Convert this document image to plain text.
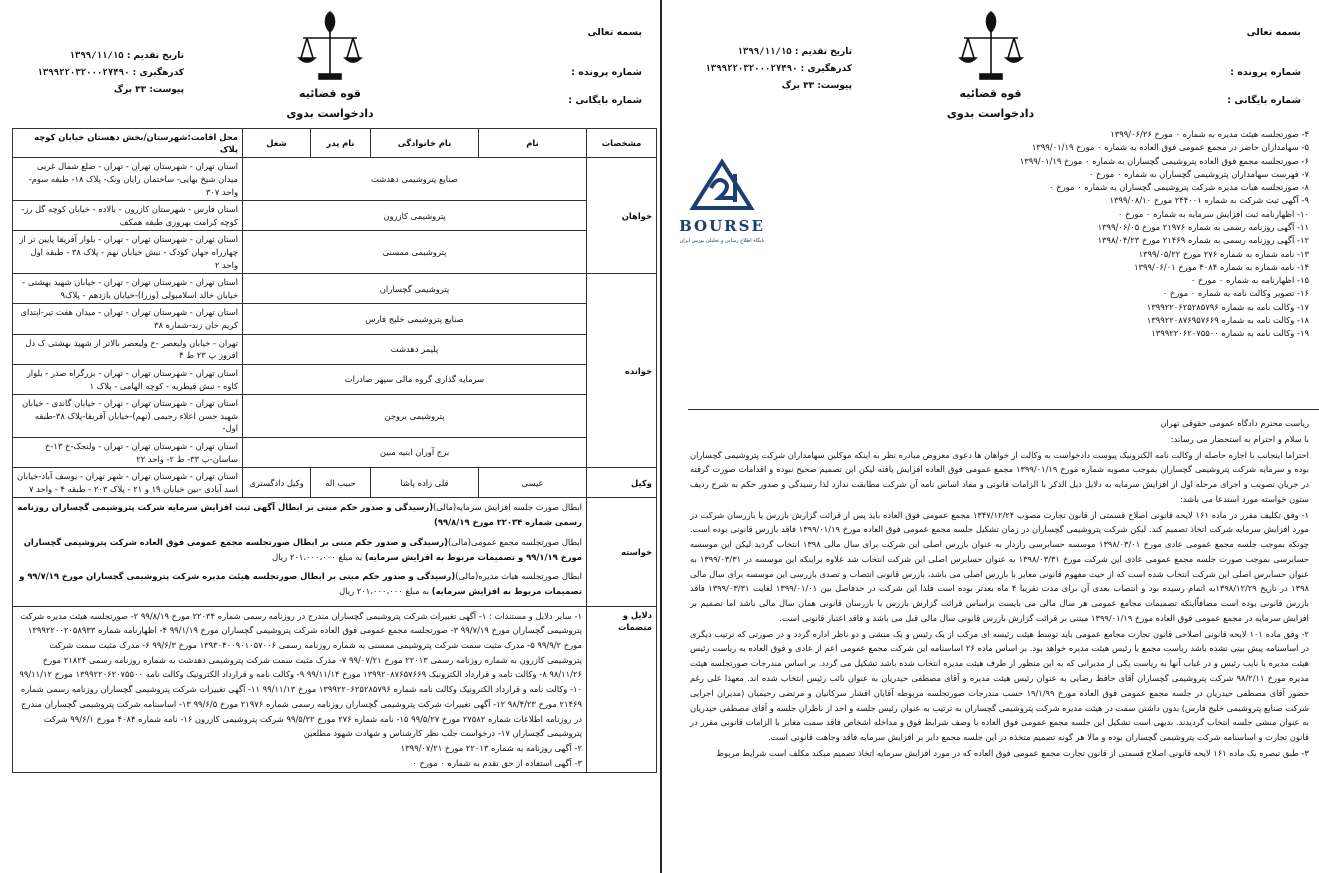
بسمه تعالی
شماره پرونده :
شماره بایگانی :
قوه قضائیه
دادخواست بدوی
تاریخ تقدیم : ۱۳۹۹/۱۱/۱۵
کدرهگیری : ۱۳۹۹۲۲۰۳۲۰۰۰۲۷۴۹۰
پیوست: ۳۳ برگ
مشخصات	نام	نام خانوادگی	نام پدر	شغل	محل اقامت:شهرستان/بخش دهستان خیابان کوچه پلاک
خواهان	صنایع پتروشیمی دهدشت				استان تهران - شهرستان تهران - تهران - ضلع شمال غربی میدان شیخ بهایی- ساختمان رایان ونک- پلاک ۱۸- طبقه سوم- واحد ۳۰۷
	پتروشیمی کازرون				استان فارس - شهرستان کازرون - بالاده - خیابان کوچه گل رز-کوچه کرامت بهروزی طبقه همکف
	پتروشیمی ممسنی				استان تهران - شهرستان تهران - تهران - بلوار آفریقا پایین تر از چهارراه جهان کودک - نبش خیابان نهم - پلاک ۳۸ - طبقه اول واحد ۲
خوانده	پتروشیمی گچساران				استان تهران - شهرستان تهران - تهران - خیابان شهید بهشتی - خیابان خالد اسلامبولی (وزرا)-خیابان یازدهم - پلاک۹
	صنایع پتروشیمی خلیج فارس				استان تهران - شهرستان تهران - تهران - میدان هفت تیر-ابتدای کریم خان زند-شماره ۳۸
	پلیمر دهدشت				تهران - خیابان ولیعصر -خ ولیعصر بالاتر از شهید بهشتی ک دل افروز پ ۲۳ ط ۴
	سرمایه گذاری گروه مالی سپهر صادرات				استان تهران - شهرستان تهران - تهران - بزرگراه صدر - بلوار کاوه - نبش قیطریه - کوچه الهامی - پلاک ۱
	پتروشیمی بروجن				استان تهران - شهرستان تهران - تهران - خیابان گاندی - خیابان شهید حسن اعلاء رحیمی (نهم)-خیابان آفریقا-پلاک ۳۸-طبقه اول-
	برج آوران ابنیه مبین				استان تهران - شهرستان تهران - تهران - ولنجک-خ ۱۳-خ ساسان-پ ۳۳- ط ۲- واحد ۲۲
وکیل	عیسی	قلی زاده پاشا	حبیب اله	وکیل دادگستری	استان تهران - شهرستان تهران - شهر تهران - یوسف آباد-خیابان اسد آبادی -بین خیابان ۱۹ و ۲۱ - پلاک ۲۰۳ - طبقه ۴ - واحد ۷
خواسته	ابطال صورت جلسه افزایش سرمایه(مالی)(رسیدگی و صدور حکم مبنی بر ابطال آگهی ثبت افزایش سرمایه شرکت پتروشیمی گچساران روزنامه رسمی شماره ۲۲۰۳۴ مورخ ۹۹/۸/۱۹)

ابطال صورتجلسه مجمع عمومی(مالی)(رسیدگی و صدور حکم مبنی بر ابطال صورتجلسه مجمع عمومی فوق العاده شرکت پتروشیمی گچساران مورخ ۹۹/۱/۱۹ و تصمیمات مربوط به افزایش سرمایه) به مبلغ ۲۰۱،۰۰۰،۰۰۰ ریال

ابطال صورتجلسه هیات مدیره(مالی)(رسیدگی و صدور حکم مبنی بر ابطال صورتجلسه هیئت مدیره شرکت پتروشیمی گچساران مورخ ۹۹/۷/۱۹ و تصمیمات مربوط به افزایش سرمایه) به مبلغ ۲۰۱،۰۰۰،۰۰۰ ریال				

دلایل و منضمات	۱- سایر دلایل و مستندات : ۱- آگهی تغییرات شرکت پتروشیمی گچساران مندرج در روزنامه رسمی شماره ۲۲۰۳۴ مورخ ۹۹/۸/۱۹ ۲- صورتجلسه هیئت مدیره شرکت پتروشیمی گچساران مورخ ۹۹/۷/۱۹ ۳- صورتجلسه مجمع عمومی فوق العاده شرکت پتروشیمی گچساران مورخ ۹۹/۱/۱۹ ۴- اظهارنامه شماره ۱۳۹۹۲۲۰۰۲۰۵۸۹۳۳ مورخ ۹۹/۹/۲ ۵- مدرک مثبت سمت شرکت پتروشیمی ممسنی به شماره روزنامه رسمی ۱۳۹۳۰۴۰۰۹۰۱۰۵۷۰۰۶ مورخ ۹۹/۶/۳ ۶- مدرک مثبت سمت شرکت پتروشیمی کازرون به شماره روزنامه رسمی ۲۲۰۱۳ مورخ ۹۹/۰۷/۲۱ ۷- مدرک مثبت سمت شرکت پتروشیمی دهدشت به شماره روزنامه رسمی ۲۱۸۲۴ مورخ ۹۸/۱۱/۲۶ ۸- وکالت نامه و قرارداد الکترونیک ۱۳۹۹۲۰۸۷۶۵۷۶۶۹ مورخ ۹۹/۱۱/۱۴ ۹- وکالت نامه و قرارداد الکترونیک وکالت نامه ۱۳۹۹۲۲۰۶۲۰۷۵۵۰۰ مورخ ۹۹/۱۱/۱۲ ۱۰- وکالت نامه و قرارداد الکترونیک وکالت نامه شماره ۱۳۹۹۲۲۰۶۲۵۲۸۵۷۹۶ مورخ ۹۹/۱۱/۱۳ ۱۱- آگهی تغییرات شرکت پتروشیمی گچساران روزنامه رسمی شماره ۲۱۴۶۹ مورخ ۹۸/۴/۲۳ ۱۲- آگهی تغییرات شرکت پتروشیمی گچساران روزنامه رسمی شماره ۲۱۹۷۶ مورخ ۹۹/۶/۵ ۱۳- اساسنامه شرکت پتروشیمی گچساران مندرج در روزنامه اطلاعات شماره ۲۷۵۸۲ مورخ ۹۹/۵/۲۷ ۱۵- نامه شماره ۲۷۶ مورخ ۹۹/۵/۲۲ شرکت پتروشیمی کازرون ۱۶- نامه شماره ۴۰۸۴ مورخ ۹۹/۶/۱ شرکت پتروشیمی گچساران ۱۷- درخواست جلب نظر کارشناس و شهادت شهود مطلعین
۲- آگهی روزنامه به شماره ۲۲۰۱۳ مورخ ۱۳۹۹/۰۷/۲۱
۳- آگهی استفاده از حق تقدم به شماره ۰ مورخ ۰				
بسمه تعالی
شماره پرونده :
شماره بایگانی :
قوه قضائیه
دادخواست بدوی
تاریخ تقدیم : ۱۳۹۹/۱۱/۱۵
کدرهگیری : ۱۳۹۹۲۲۰۳۲۰۰۰۲۷۴۹۰
پیوست: ۳۳ برگ
۴- صورتجلسه هیئت مدیره به شماره ۰ مورخ ۱۳۹۹/۰۶/۲۶
۵- سهامداران حاضر در مجمع عمومی فوق العاده به شماره ۰ مورخ ۱۳۹۹/۰۱/۱۹
۶- صورتجلسه مجمع فوق العاده پتروشیمی گچساران به شماره ۰ مورخ ۱۳۹۹/۰۱/۱۹
۷- فهرست سهامداران پتروشیمی گچساران به شماره ۰ مورخ ۰
۸- صورتجلسه هیات مدیره شرکت پتروشیمی گچساران به شماره ۰ مورخ ۰
۹- آگهی ثبت شرکت به شماره ۲۴۴۰۰۱ مورخ ۱۳۹۹/۰۸/۱۰
۱۰- اظهارنامه ثبت افزایش سرمایه به شماره ۰ مورخ ۰
۱۱- آگهی روزنامه رسمی به شماره ۲۱۹۷۶ مورخ ۱۳۹۹/۰۶/۰۵
۱۲- آگهی روزنامه رسمی به شماره ۲۱۴۶۹ مورخ ۱۳۹۸/۰۴/۲۳
۱۳- نامه شماره به شماره ۲۷۶ مورخ ۱۳۹۹/۰۵/۲۲
۱۴- نامه شماره به شماره ۴۰۸۴ مورخ ۱۳۹۹/۰۶/۰۱
۱۵- اظهارنامه به شماره ۰ مورخ ۰
۱۶- تصویر وکالت نامه به شماره ۰ مورخ ۰
۱۷- وکالت نامه به شماره ۱۳۹۹۲۲۰۶۲۵۲۸۵۷۹۶
۱۸- وکالت نامه به شماره ۱۳۹۹۲۲۰۸۷۶۹۵۷۶۶۹
۱۹- وکالت نامه به شماره ۱۳۹۹۲۲۰۶۲۰۷۵۵۰۰
BOURSE
پایگاه اطلاع رسانی و تحلیلی بورس ایران

ریاست محترم دادگاه عمومی حقوقی تهران

با سلام و احترام به استحضار می رساند:

احتراما اینجانب با اجازه حاصله از وکالت نامه الکترونیک پیوست دادخواست به وکالت از خواهان ها دعوی معروض مبادره نظر به اینکه موکلین سهامداران شرکت پتروشیمی گچساران بوده و سرمایه شرکت پتروشیمی گچساران بموجب مصوبه شماره مورخ ۱۳۹۹/۰۱/۱۹ مجمع عمومی فوق العاده افزایش یافته لیکن این تصمیم صحیح نبوده و اقدامات صورت گرفته در جریان تصویب و اجرای مرحله اول از افزایش سرمایه به دلایل ذیل الذکر با الزامات قانونی و مفاد اساس نامه آن شرکت مطابقت ندارد لذا رسیدگی و صدور حکم به شرح ردیف ستون خواسته مورد استدعا می باشد:

۱- وفق تکلیف مقرر در ماده ۱۶۱ لایحه قانونی اصلاح قسمتی از قانون تجارت مصوب ۱۳۴۷/۱۲/۲۴ مجمع عمومی فوق العاده باید پس از قرائت گزارش بازرس یا بازرسان شرکت در مورد افزایش سرمایه شرکت اتخاذ تصمیم کند. لیکن شرکت پتروشیمی گچساران در زمان تشکیل جلسه مجمع عمومی فوق العاده مورخ ۱۳۹۹/۰۱/۱۹ فاقد بازرس قانونی بوده است. چونکه بموجب جلسه مجمع عمومی عادی مورخ ۱۳۹۸/۰۳/۰۱ موسسه حسابرسی رازدار به عنوان بازرس اصلی این شرکت برای سال مالی ۱۳۹۸ انتخاب گردید لیکن این موسسه حسابرسی بموجب صورت جلسه مجمع عمومی عادی این شرکت مورخ ۱۳۹۸/۰۳/۳۱ به عنوان حسابرس اصلی این شرکت انتخاب شد علاوه براینکه این موسسه در ۱۳۹۹/۰۳/۳۱ به عنوان حسابرس اصلی این شرکت انتخاب شده است که از حیث مفهوم قانونی مغایر با بازرس اصلی می باشد، بازرس قانونی انتصاب و تصدی بازرسی این موسسه برای سال مالی ۱۳۹۸ در تاریخ ۱۳۹۸/۱۲/۲۹به اتمام رسیده بود و انتصاب بعدی آن برای مدت تقریبا ۴ ماه بعدتر بوده است فلذا این شرکت در حدفاصل بین ۱۳۹۹/۰۱/۰۱ لغایت ۱۳۹۹/۰۳/۳۱ فاقد بازرس قانونی بوده است مضافاًاینکه تصمیمات مجامع عمومی هر سال مالی می بایست براساس قرائت گزارش بازرس یا بازرسان قانونی همان سال مالی باشد اما تصمیم بر افزایش سرمایه در مجمع عمومی فوق العاده مورخ ۱۳۹۹/۰۱/۱۹ مبتنی بر قرائت گزارش بازرس قانونی سال مالی قبل می باشد و فاقد اعتبار قانونی است.

۲- وفق ماده ۱۰۱ لایحه قانونی اصلاحی قانون تجارت مجامع عمومی باید توسط هیئت رئیسه ای مرکب از یک رئیس و یک منشی و دو ناظر اداره گردد و در صورتی که ترتیب دیگری در اساسنامه پیش بینی نشده باشد ریاست مجمع با رئیس هیئت مدیره خواهد بود. بر اساس ماده ۲۶ اساسنامه این شرکت مجمع عمومی اعم از عادی و فوق العاده به ریاست رئیس هیئت مدیره یا نایب رئیس و در غیاب آنها به ریاست یکی از مدیرانی که به این منظور از طرف هیئت مدیره انتخاب شده باشد تشکیل می گردد. بر اساس مندرجات صورتجلسه هیئت مدیره مورخ ۹۸/۲/۱۱ شرکت پتروشیمی گچساران آقای حافظ رضایی به عنوان رئیس هیئت مدیره و آقای مصطفی حیدریان به عنوان نائب رئیس انتخاب شده اند. معهذا علی رغم حضور آقای مصطفی حیدریان در جلسه مجمع عمومی فوق العاده مورخ ۱۹/۱/۹۹ حسب مندرجات صورتجلسه مربوطه آقایان افشار سرکانیان و مرتضی رحیمیان (مدیران اجرایی شرکت صنایع پتروشیمی خلیج فارس) بدون داشتن سمت در هیئت مدیره شرکت پتروشیمی گچساران به ترتیب به عنوان رئیس جلسه و احد از ناظران جلسه و آقای مصطفی حیدریان به عنوان منشی جلسه انتخاب گردیدند. بدیهی است تشکیل این جلسه مجمع عمومی فوق العاده با وصف شرایط فوق و مداخله اشخاص فاقد سمت مغایر با الزامات قانونی مقرر در قانون تجارت و اساسنامه شرکت پتروشیمی گچساران بوده و مالا هر گونه تصمیم متخذه در این جلسه مجمع دایر بر افزایش سرمایه فاقد وجاهت قانونی است.

۳- طبق تبصره یک ماده ۱۶۱ لایحه قانونی اصلاح قسمتی از قانون تجارت مجمع عمومی فوق العاده که در مورد افزایش سرمایه اتخاذ تصمیم میکند مکلف است شرایط مربوط
